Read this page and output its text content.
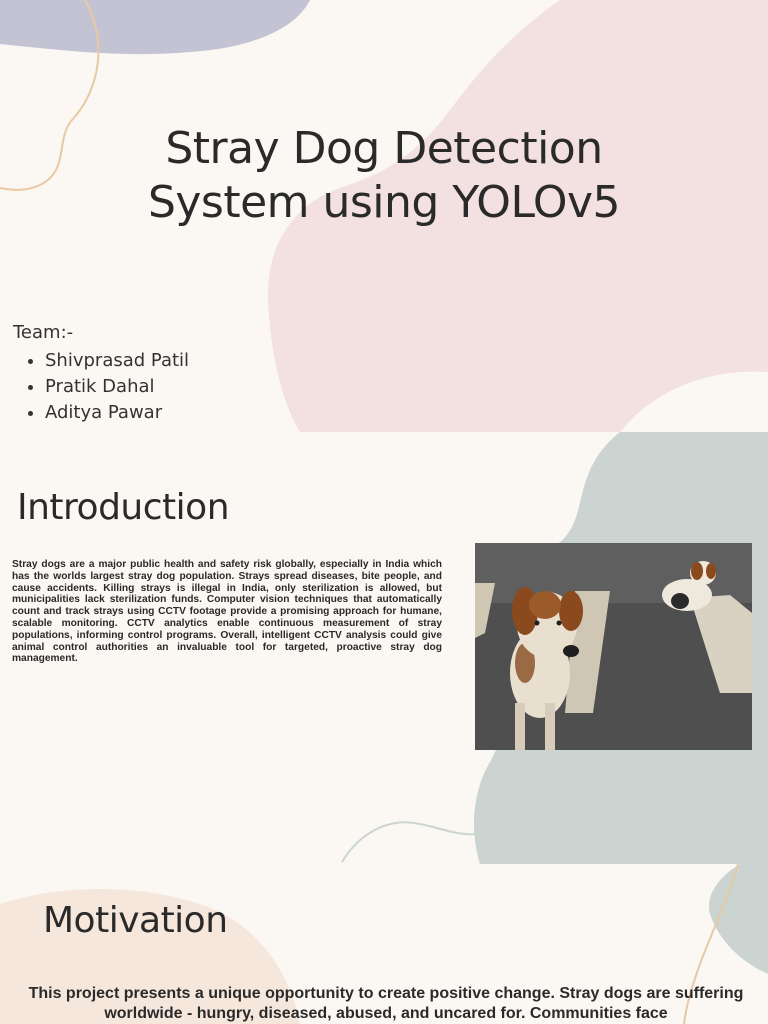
Stray Dog Detection
System using YOLOv5
Team:-
• Shivprasad Patil
• Pratik Dahal
• Aditya Pawar
Introduction

Stray dogs are a major public health and safety risk globally, especially in India which has the worlds largest stray dog population. Strays spread diseases, bite people, and cause accidents. Killing strays is illegal in India, only sterilization is allowed, but municipalities lack sterilization funds. Computer vision techniques that automatically count and track strays using CCTV footage provide a promising approach for humane, scalable monitoring. CCTV analytics enable continuous measurement of stray populations, informing control programs. Overall, intelligent CCTV analysis could give animal control authorities an invaluable tool for targeted, proactive stray dog management.

Motivation

This project presents a unique opportunity to create positive change. Stray dogs are suffering worldwide - hungry, diseased, abused, and uncared for. Communities face
